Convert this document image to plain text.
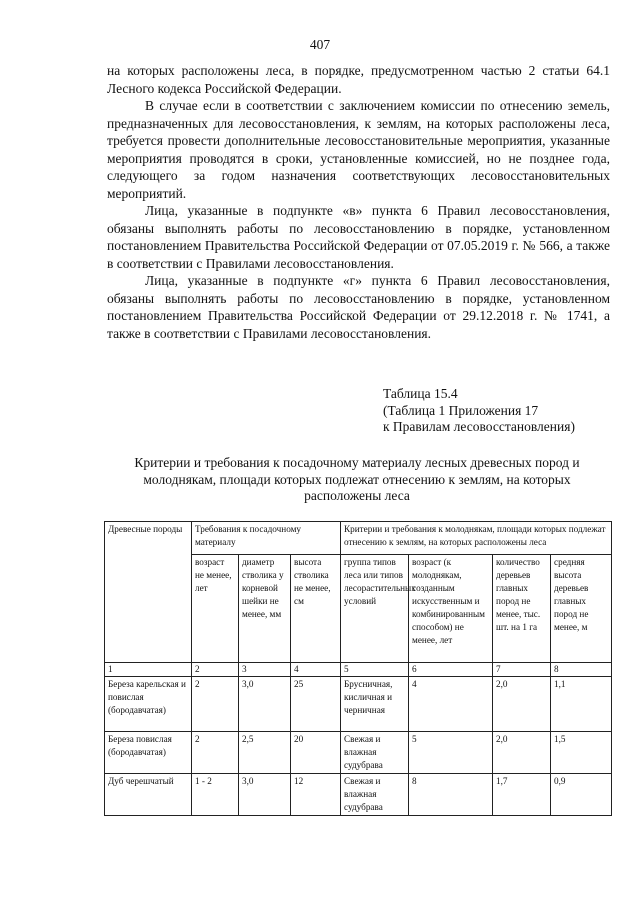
407

на которых расположены леса, в порядке, предусмотренном частью 2 статьи 64.1 Лесного кодекса Российской Федерации.

В случае если в соответствии с заключением комиссии по отнесению земель, предназначенных для лесовосстановления, к землям, на которых расположены леса, требуется провести дополнительные лесовосстановительные мероприятия, указанные мероприятия проводятся в сроки, установленные комиссией, но не позднее года, следующего за годом назначения соответствующих лесовосстановительных мероприятий.

Лица, указанные в подпункте «в» пункта 6 Правил лесовосстановления, обязаны выполнять работы по лесовосстановлению в порядке, установленном постановлением Правительства Российской Федерации от 07.05.2019 г. № 566, а также в соответствии с Правилами лесовосстановления.

Лица, указанные в подпункте «г» пункта 6 Правил лесовосстановления, обязаны выполнять работы по лесовосстановлению в порядке, установленном постановлением Правительства Российской Федерации от 29.12.2018 г. № 1741, а также в соответствии с Правилами лесовосстановления.

Таблица 15.4
(Таблица 1 Приложения 17
к Правилам лесовосстановления)
Критерии и требования к посадочному материалу лесных древесных пород и молоднякам, площади которых подлежат отнесению к землям, на которых расположены леса
Древесные породы	Требования к посадочному материалу			Критерии и требования к молоднякам, площади которых подлежат отнесению к землям, на которых расположены леса			
	возраст не менее, лет	диаметр стволика у корневой шейки не менее, мм	высота стволика не менее, см	группа типов леса или типов лесорастительных условий	возраст (к молоднякам, созданным искусственным и комбинированным способом) не менее, лет	количество деревьев главных пород не менее, тыс. шт. на 1 га	средняя высота деревьев главных пород не менее, м
1	2	3	4	5	6	7	8
Береза карельская и повислая (бородавчатая)	2	3,0	25	Брусничная, кисличная и черничная	4	2,0	1,1
Береза повислая (бородавчатая)	2	2,5	20	Свежая и влажная судубрава	5	2,0	1,5
Дуб черешчатый	1 - 2	3,0	12	Свежая и влажная судубрава	8	1,7	0,9
